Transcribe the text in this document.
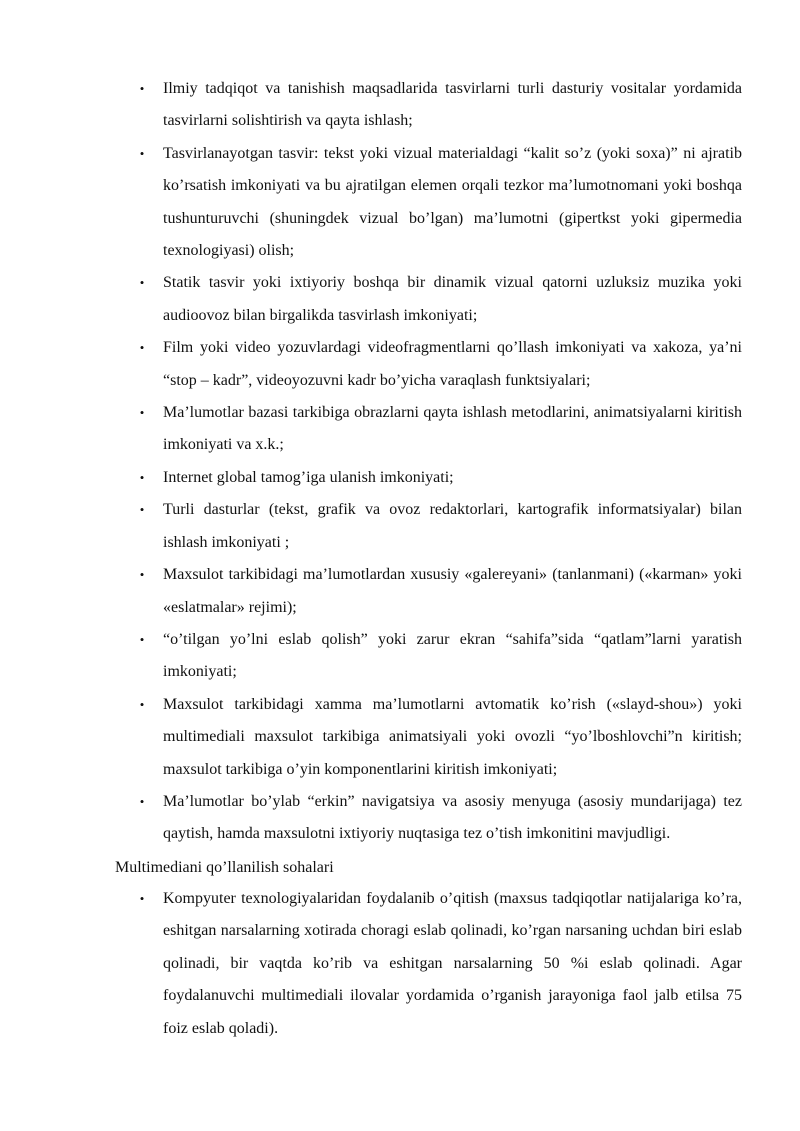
•	Ilmiy tadqiqot va tanishish maqsadlarida tasvirlarni turli dasturiy vositalar yordamida tasvirlarni solishtirish va qayta ishlash;
•	Tasvirlanayotgan tasvir: tekst yoki vizual materialdagi “kalit so’z (yoki soxa)” ni ajratib ko’rsatish imkoniyati va bu ajratilgan elemen orqali tezkor ma’lumotnomani yoki boshqa tushunturuvchi (shuningdek vizual bo’lgan) ma’lumotni (gipertkst yoki gipermedia texnologiyasi) olish;
•	Statik tasvir yoki ixtiyoriy boshqa bir dinamik vizual qatorni uzluksiz muzika yoki audioovoz bilan birgalikda tasvirlash imkoniyati;
•	Film yoki video yozuvlardagi videofragmentlarni qo’llash imkoniyati va xakoza, ya’ni “stop – kadr”, videoyozuvni kadr bo’yicha varaqlash funktsiyalari;
•	Ma’lumotlar bazasi tarkibiga obrazlarni qayta ishlash metodlarini, animatsiyalarni kiritish imkoniyati va x.k.;
•	Internet global tamog’iga ulanish imkoniyati;
•	Turli dasturlar (tekst, grafik va ovoz redaktorlari, kartografik informatsiyalar) bilan ishlash imkoniyati ;
•	Maxsulot tarkibidagi ma’lumotlardan xususiy «galereyani» (tanlanmani) («karman» yoki «eslatmalar» rejimi);
•	“o’tilgan yo’lni eslab qolish” yoki zarur ekran “sahifa”sida “qatlam”larni yaratish imkoniyati;
•	Maxsulot tarkibidagi xamma ma’lumotlarni avtomatik ko’rish («slayd-shou») yoki multimediali maxsulot tarkibiga animatsiyali yoki ovozli “yo’lboshlovchi”n kiritish; maxsulot tarkibiga o’yin komponentlarini kiritish imkoniyati;
•	Ma’lumotlar bo’ylab “erkin” navigatsiya va asosiy menyuga (asosiy mundarijaga) tez qaytish, hamda maxsulotni ixtiyoriy nuqtasiga tez o’tish imkonitini mavjudligi.

Multimediani qo’llanilish sohalari

•	Kompyuter texnologiyalaridan foydalanib o’qitish (maxsus tadqiqotlar natijalariga ko’ra, eshitgan narsalarning xotirada choragi eslab qolinadi, ko’rgan narsaning uchdan biri eslab qolinadi, bir vaqtda ko’rib va eshitgan narsalarning 50 %i eslab qolinadi. Agar foydalanuvchi multimediali ilovalar yordamida o’rganish jarayoniga faol jalb etilsa 75 foiz eslab qoladi).
